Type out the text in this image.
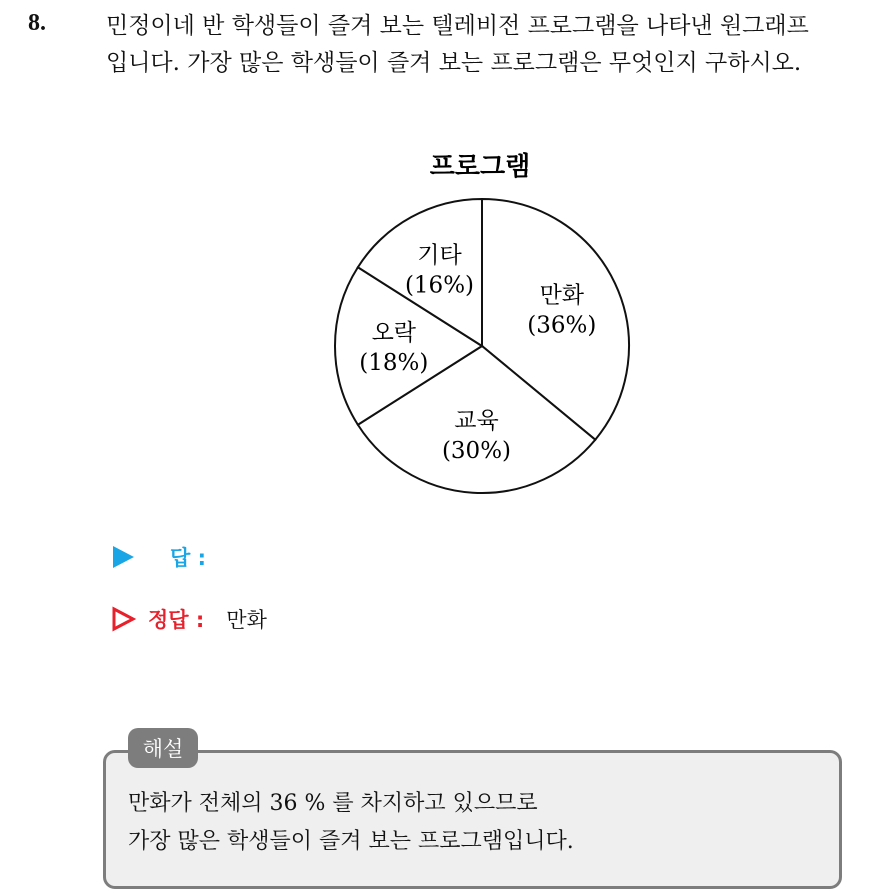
8.	민정이네 반 학생들이 즐겨 보는 텔레비전 프로그램을 나타낸 원그래프
입니다. 가장 많은 학생들이 즐겨 보는 프로그램은 무엇인지 구하시오.
프로그램
만화
(36%)
교육
(30%)
오락
(18%)
기타
(16%)
답 :
정답 : 만화
해설
만화가 전체의 36 % 를 차지하고 있으므로
가장 많은 학생들이 즐겨 보는 프로그램입니다.
